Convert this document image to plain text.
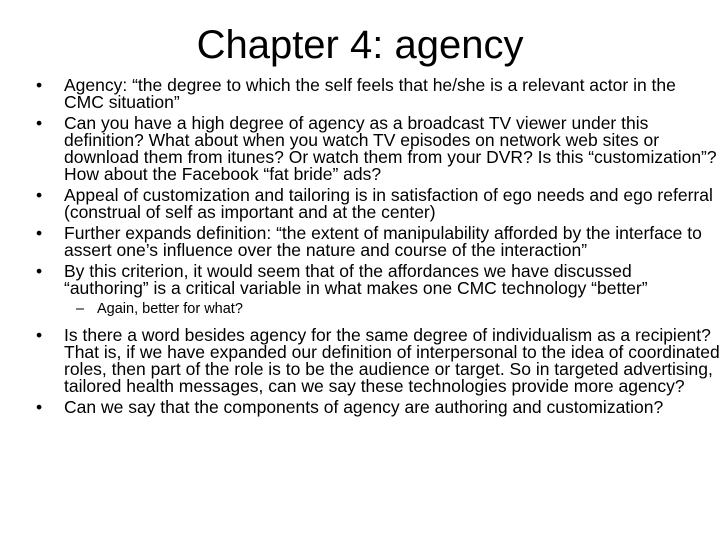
Chapter 4: agency
• Agency: “the degree to which the self feels that he/she is a relevant actor in the CMC situation”
• Can you have a high degree of agency as a broadcast TV viewer under this definition? What about when you watch TV episodes on network web sites or download them from itunes? Or watch them from your DVR? Is this “customization”? How about the Facebook “fat bride” ads?
• Appeal of customization and tailoring is in satisfaction of ego needs and ego referral (construal of self as important and at the center)
• Further expands definition: “the extent of manipulability afforded by the interface to assert one’s influence over the nature and course of the interaction”
• By this criterion, it would seem that of the affordances we have discussed “authoring” is a critical variable in what makes one CMC technology “better”
– Again, better for what?
• Is there a word besides agency for the same degree of individualism as a recipient? That is, if we have expanded our definition of interpersonal to the idea of coordinated roles, then part of the role is to be the audience or target. So in targeted advertising, tailored health messages, can we say these technologies provide more agency?
• Can we say that the components of agency are authoring and customization?
